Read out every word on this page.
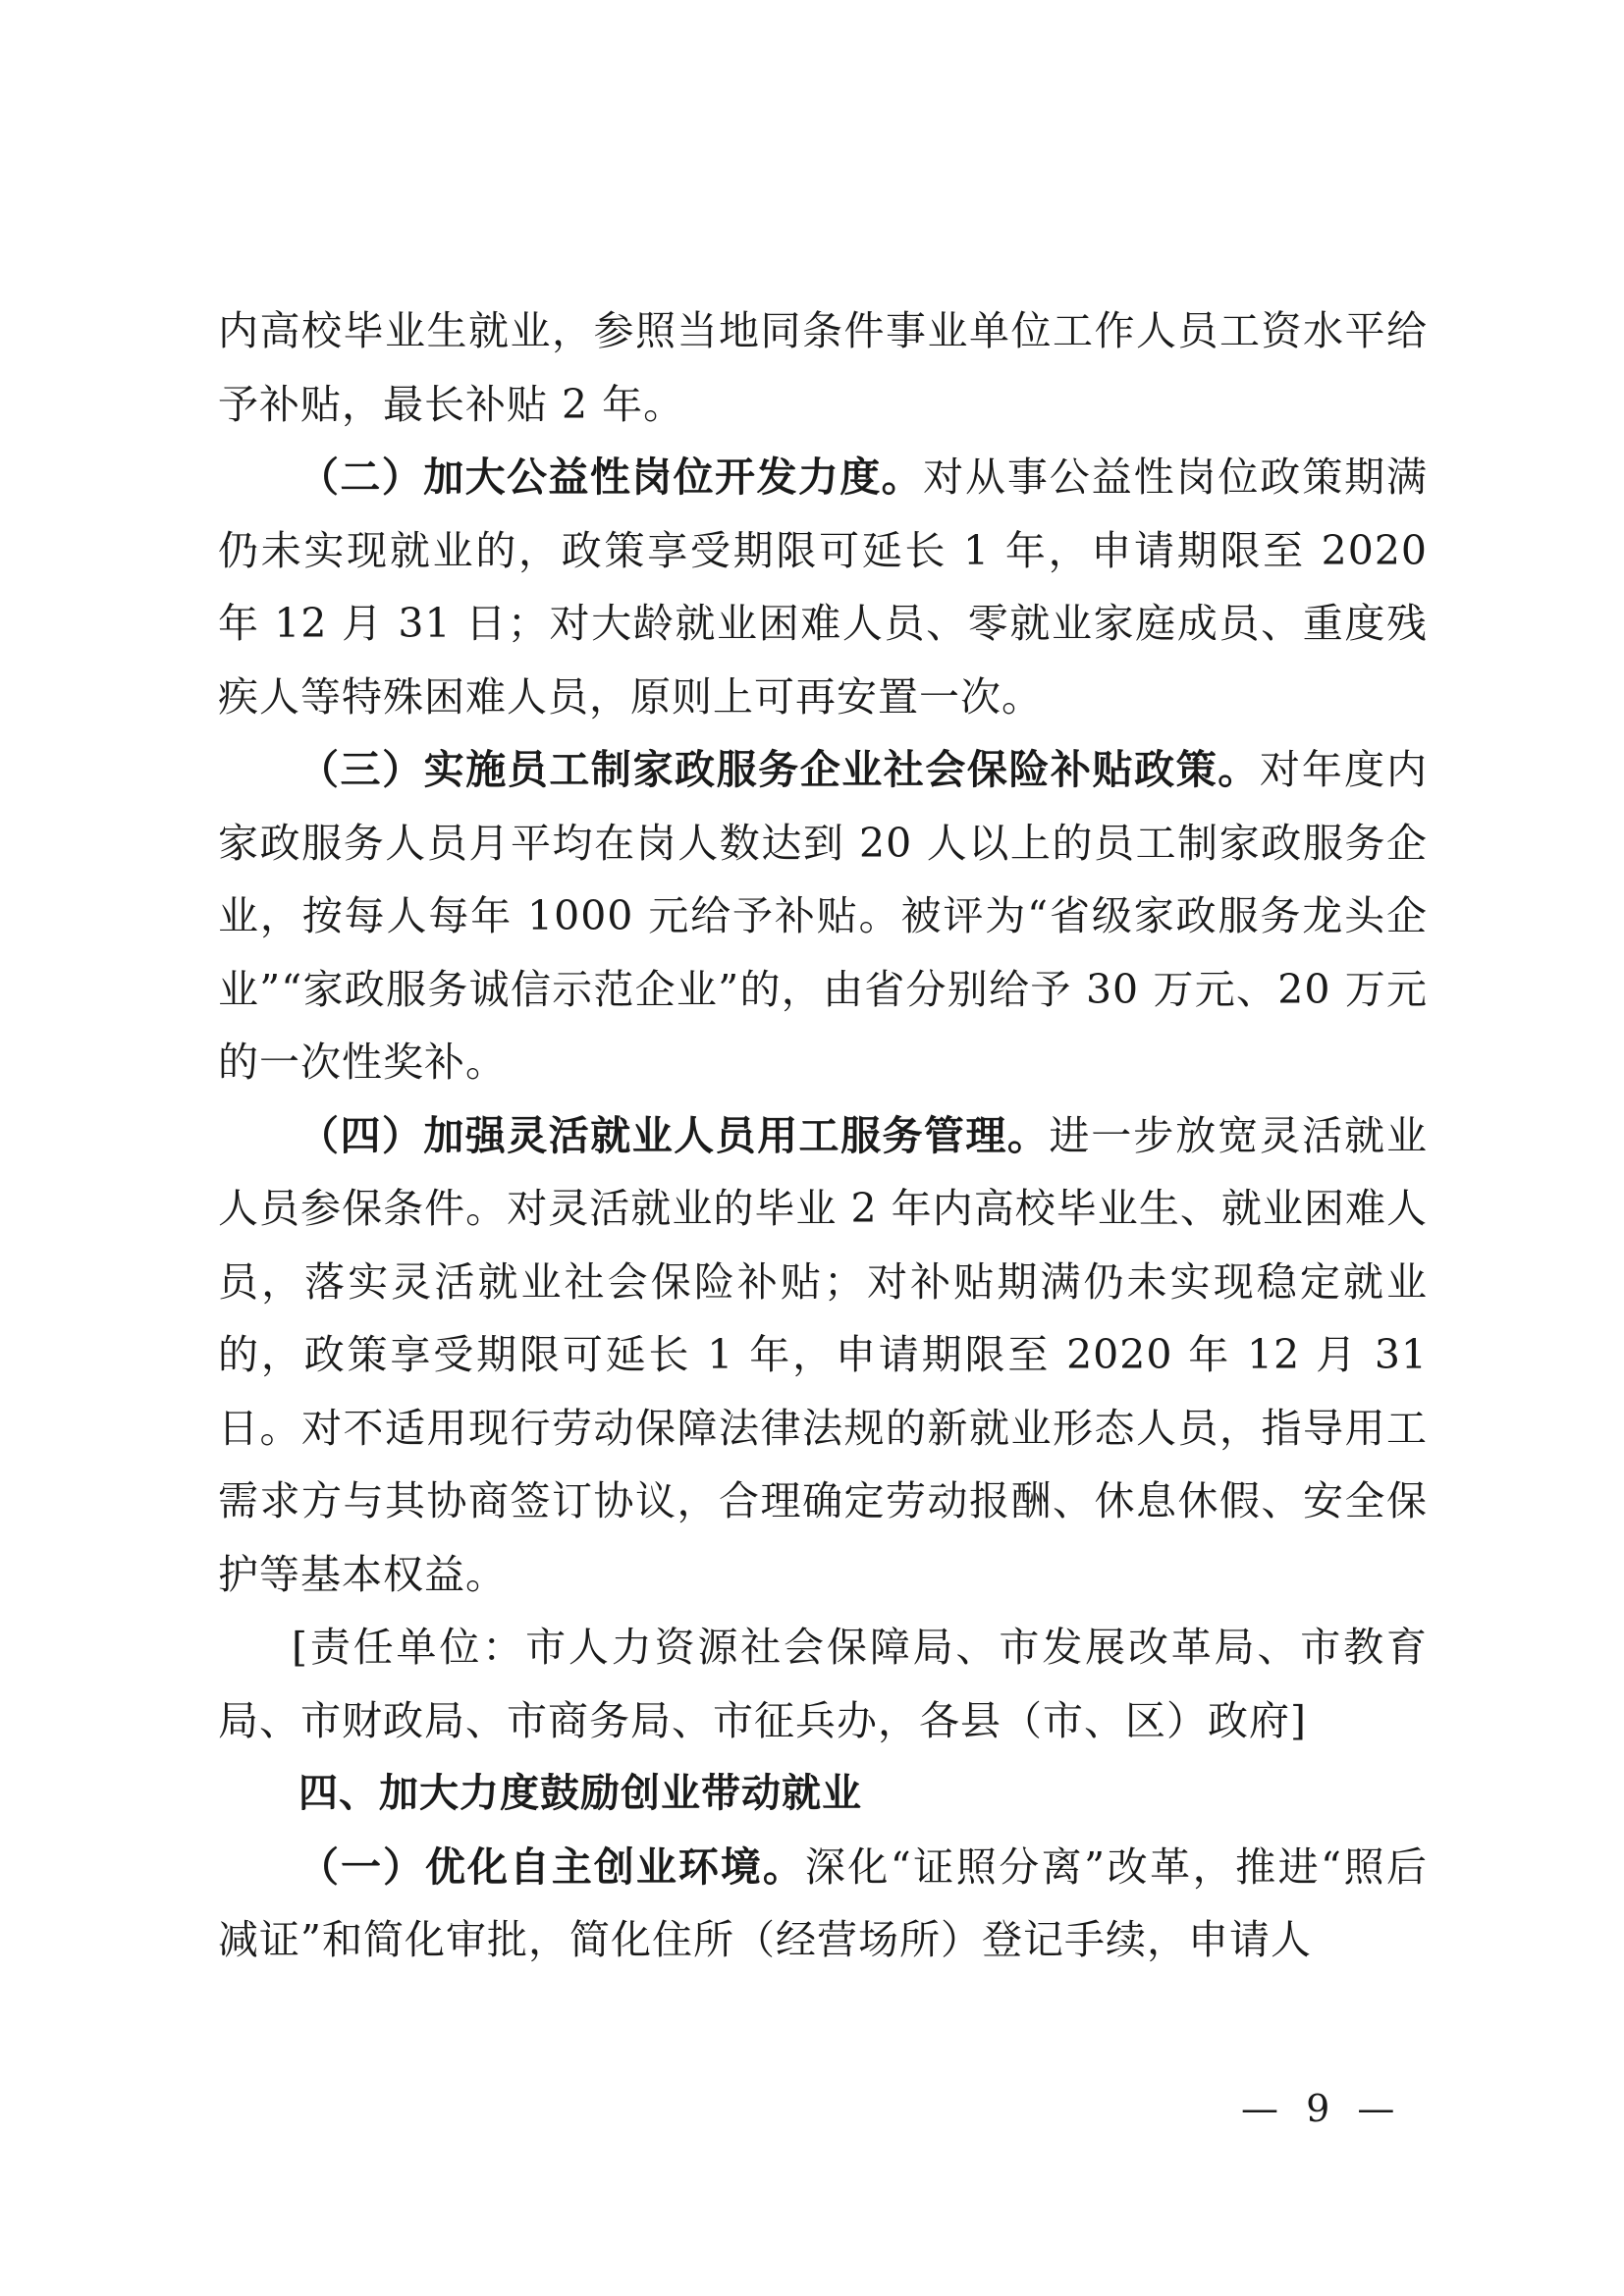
内高校毕业生就业，参照当地同条件事业单位工作人员工资水平给予补贴，最长补贴 2 年。

（二）加大公益性岗位开发力度。对从事公益性岗位政策期满仍未实现就业的，政策享受期限可延长 1 年，申请期限至 2020 年 12 月 31 日；对大龄就业困难人员、零就业家庭成员、重度残疾人等特殊困难人员，原则上可再安置一次。

（三）实施员工制家政服务企业社会保险补贴政策。对年度内家政服务人员月平均在岗人数达到 20 人以上的员工制家政服务企业，按每人每年 1000 元给予补贴。被评为“省级家政服务龙头企业”“家政服务诚信示范企业”的，由省分别给予 30 万元、20 万元的一次性奖补。

（四）加强灵活就业人员用工服务管理。进一步放宽灵活就业人员参保条件。对灵活就业的毕业 2 年内高校毕业生、就业困难人员，落实灵活就业社会保险补贴；对补贴期满仍未实现稳定就业的，政策享受期限可延长 1 年，申请期限至 2020 年 12 月 31 日。对不适用现行劳动保障法律法规的新就业形态人员，指导用工需求方与其协商签订协议，合理确定劳动报酬、休息休假、安全保护等基本权益。

[责任单位：市人力资源社会保障局、市发展改革局、市教育局、市财政局、市商务局、市征兵办，各县（市、区）政府]

四、加大力度鼓励创业带动就业

（一）优化自主创业环境。深化“证照分离”改革，推进“照后减证”和简化审批，简化住所（经营场所）登记手续，申请人

— 9 —
